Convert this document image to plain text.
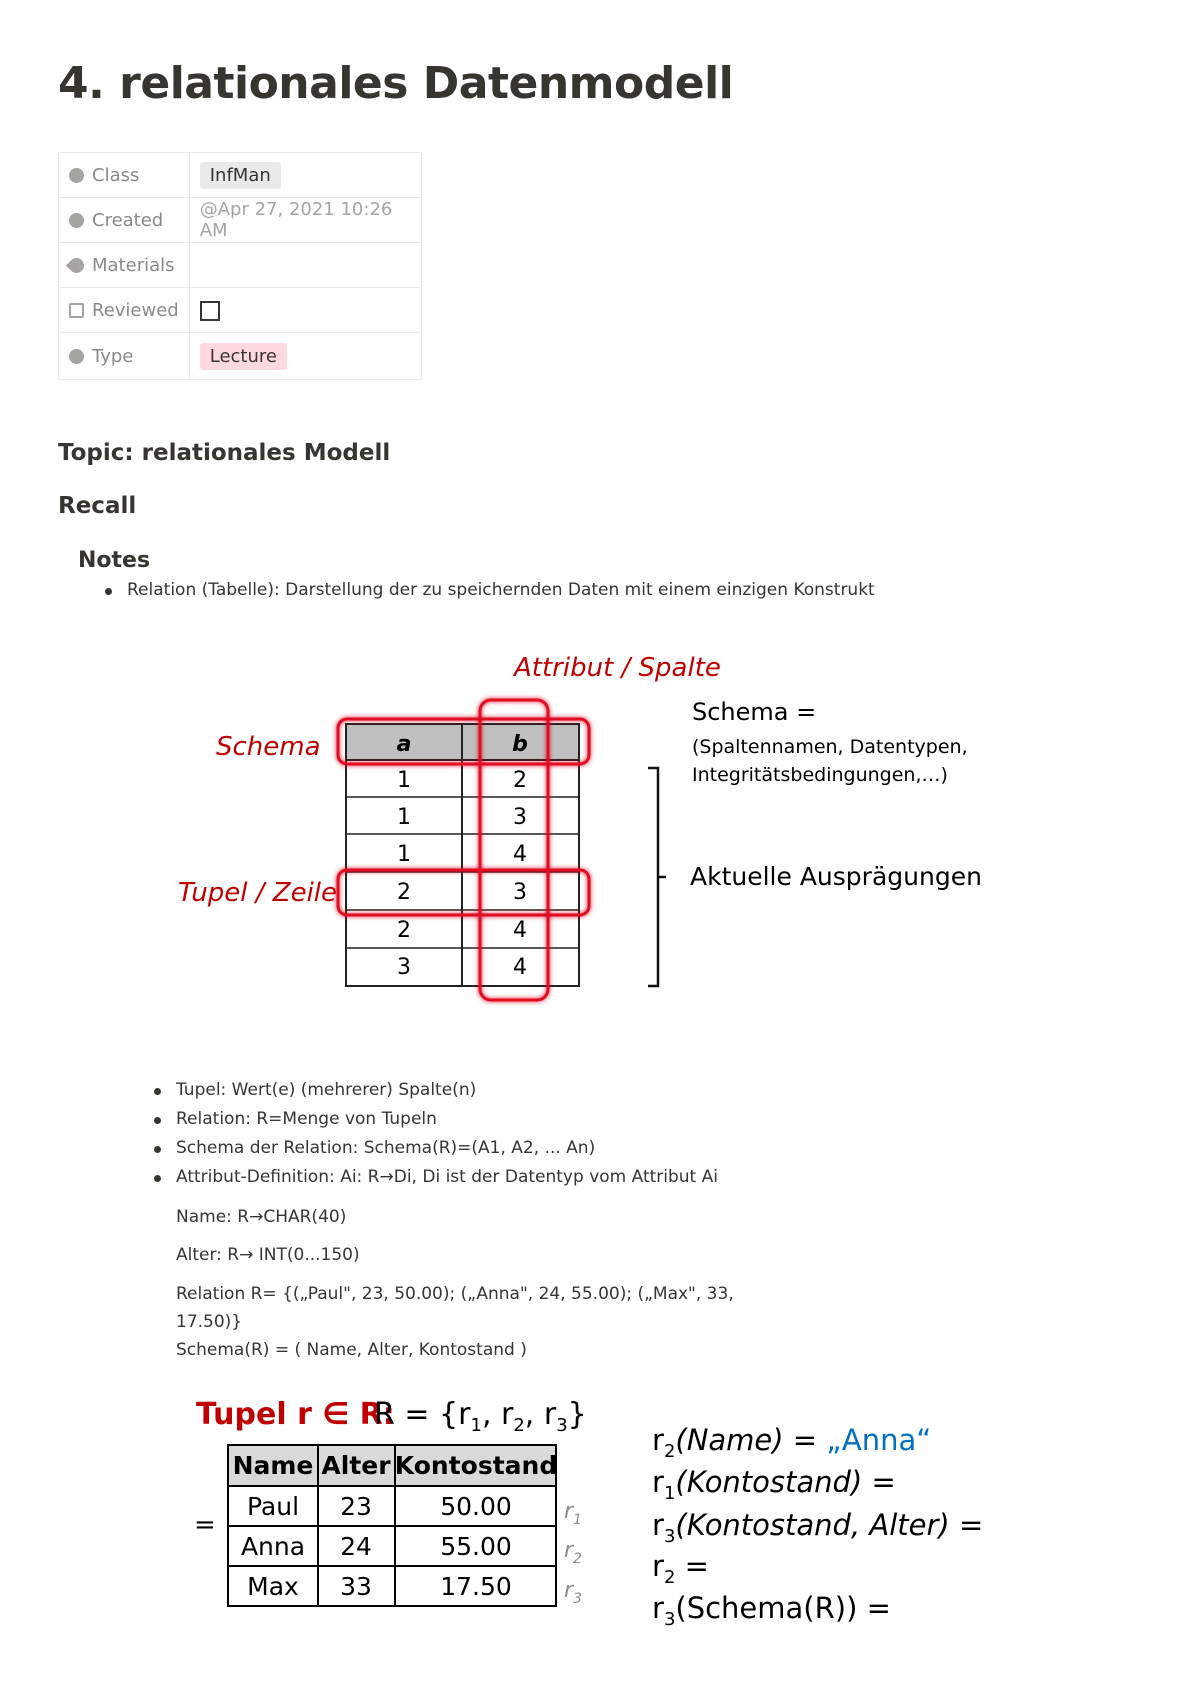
4. relationales Datenmodell
Class	InfMan
Created	@Apr 27, 2021 10:26 AM
Materials	
Reviewed	
Type	Lecture
Topic: relationales Modell
Recall
Notes
Relation (Tabelle): Darstellung der zu speichernden Daten mit einem einzigen Konstrukt
Attribut / Spalte
Schema
Tupel / Zeile
a	b
1	2
1	3
1	4
2	3
2	4
3	4
Schema =
(Spaltennamen, Datentypen,
Integritätsbedingungen,…)
Aktuelle Ausprägungen
Tupel: Wert(e) (mehrerer) Spalte(n)
Relation: R=Menge von Tupeln
Schema der Relation: Schema(R)=(A1, A2, ... An)
Attribut-Definition: Ai: R→Di, Di ist der Datentyp vom Attribut Ai
Name: R→CHAR(40)
Alter: R→ INT(0...150)
Relation R= {(„Paul", 23, 50.00); („Anna", 24, 55.00); („Max", 33,
17.50)}
Schema(R) = ( Name, Alter, Kontostand )
Tupel r ∈ R:
$R = \{r_1$, $r_2$, $r_3$}
=
Name Alter Kontostand
Paul 23	50.00
Anna 24	55.00
Max 33	17.50
$r_1$
$r_2$
$r_3$
$r_2(Name)$ = „Anna“
$r_1(Kontostand)$ =
$r_3(Kontostand$, Alter) =
$r_2$ =
$r_3(Schema(R))$ =
